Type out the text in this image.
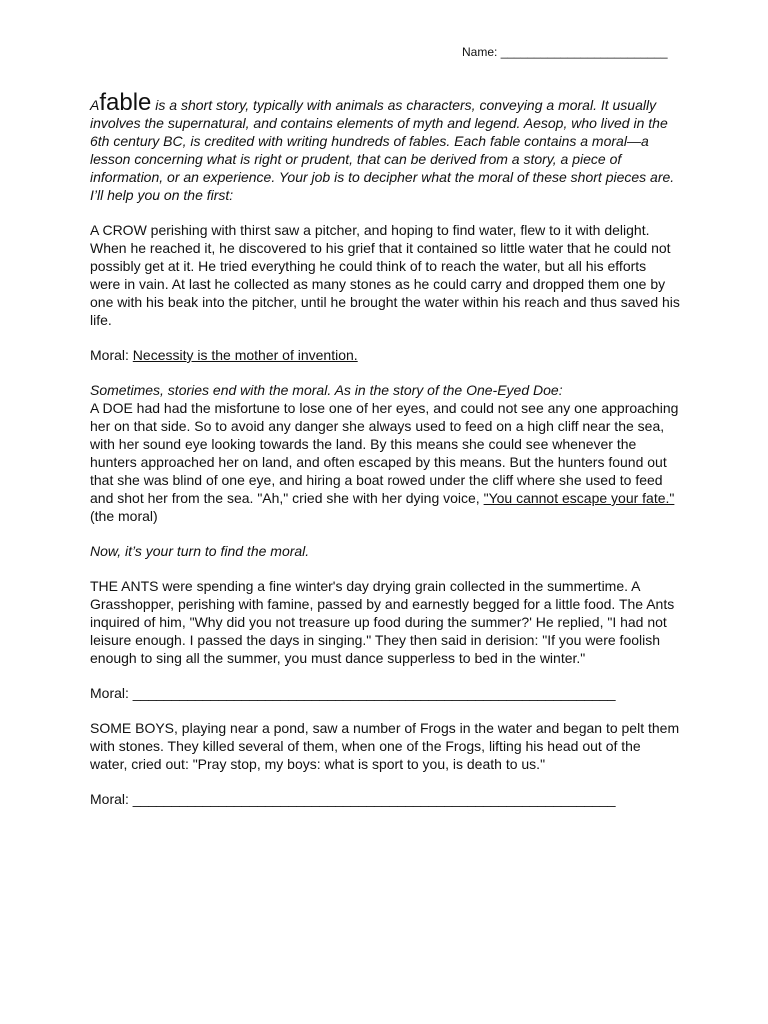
Name: _________________________

Afable is a short story, typically with animals as characters, conveying a moral. It usually involves the supernatural, and contains elements of myth and legend. Aesop, who lived in the 6th century BC, is credited with writing hundreds of fables. Each fable contains a moral—a lesson concerning what is right or prudent, that can be derived from a story, a piece of information, or an experience. Your job is to decipher what the moral of these short pieces are. I’ll help you on the first:

A CROW perishing with thirst saw a pitcher, and hoping to find water, flew to it with delight. When he reached it, he discovered to his grief that it contained so little water that he could not possibly get at it. He tried everything he could think of to reach the water, but all his efforts were in vain. At last he collected as many stones as he could carry and dropped them one by one with his beak into the pitcher, until he brought the water within his reach and thus saved his life.

Moral: Necessity is the mother of invention.

Sometimes, stories end with the moral. As in the story of the One-Eyed Doe:

A DOE had had the misfortune to lose one of her eyes, and could not see any one approaching her on that side. So to avoid any danger she always used to feed on a high cliff near the sea, with her sound eye looking towards the land. By this means she could see whenever the hunters approached her on land, and often escaped by this means. But the hunters found out that she was blind of one eye, and hiring a boat rowed under the cliff where she used to feed and shot her from the sea. "Ah," cried she with her dying voice, "You cannot escape your fate." (the moral)

Now, it’s your turn to find the moral.

THE ANTS were spending a fine winter's day drying grain collected in the summertime. A Grasshopper, perishing with famine, passed by and earnestly begged for a little food. The Ants inquired of him, "Why did you not treasure up food during the summer?' He replied, "I had not leisure enough. I passed the days in singing." They then said in derision: "If you were foolish enough to sing all the summer, you must dance supperless to bed in the winter."

Moral: ______________________________________________________________

SOME BOYS, playing near a pond, saw a number of Frogs in the water and began to pelt them with stones. They killed several of them, when one of the Frogs, lifting his head out of the water, cried out: "Pray stop, my boys: what is sport to you, is death to us."

Moral: ______________________________________________________________
